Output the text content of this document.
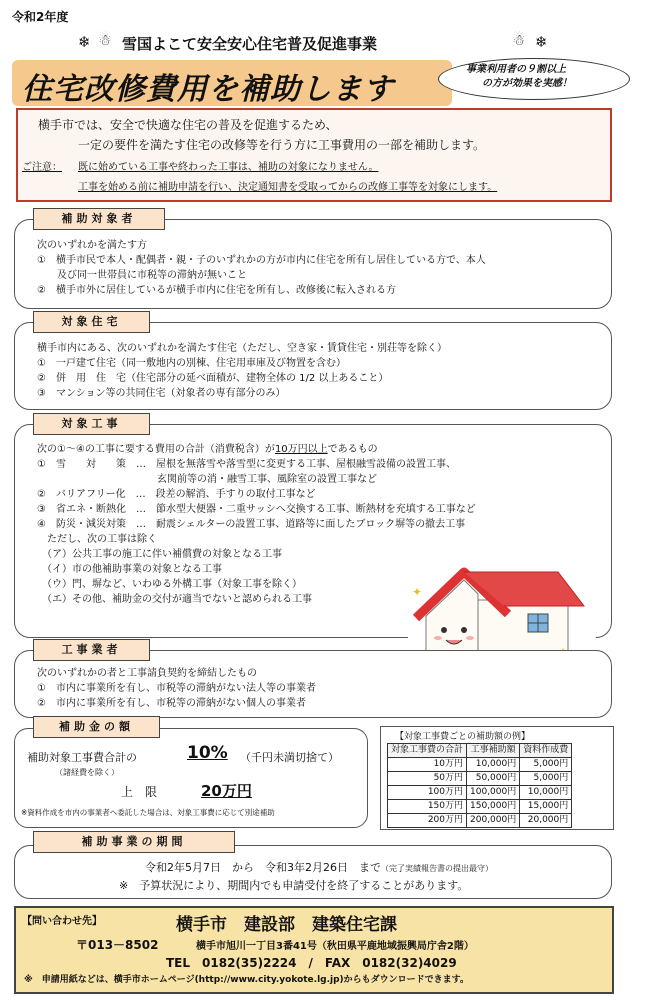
令和2年度
❄ ☃ 雪国よこて安全安心住宅普及促進事業	☃ ❄
住宅改修費用を補助します
事業利用者の９割以上
の方が効果を実感！
横手市では、安全で快適な住宅の普及を促進するため、
一定の要件を満たす住宅の改修等を行う方に工事費用の一部を補助します。
ご注意： 既に始めている工事や終わった工事は、補助の対象になりません。
工事を始める前に補助申請を行い、決定通知書を受取ってからの改修工事等を対象にします。
次のいずれかを満たす方
①　横手市民で本人・配偶者・親・子のいずれかの方が市内に住宅を所有し居住している方で、本人
　　及び同一世帯員に市税等の滞納が無いこと
②　横手市外に居住しているが横手市内に住宅を所有し、改修後に転入される方
補助対象者
横手市内にある、次のいずれかを満たす住宅（ただし、空き家・賃貸住宅・別荘等を除く）
①　一戸建て住宅（同一敷地内の別棟、住宅用車庫及び物置を含む）
②　併　用　住　宅（住宅部分の延べ面積が、建物全体の 1/2 以上あること）
③　マンション等の共同住宅（対象者の専有部分のみ）
対象住宅
次の①～④の工事に要する費用の合計（消費税含）が10万円以上であるもの
①　雪　　対　　策　…　屋根を無落雪や落雪型に変更する工事、屋根融雪設備の設置工事、
　　　　　　　　　　　　玄関前等の消・融雪工事、風除室の設置工事など
②　バリアフリー化　…　段差の解消、手すりの取付工事など
③　省エネ・断熱化　…　節水型大便器・二重サッシへ交換する工事、断熱材を充填する工事など
④　防災・減災対策　…　耐震シェルターの設置工事、道路等に面したブロック塀等の撤去工事
　ただし、次の工事は除く
　（ア）公共工事の施工に伴い補償費の対象となる工事
　（イ）市の他補助事業の対象となる工事
　（ウ）門、塀など、いわゆる外構工事（対象工事を除く）
　（エ）その他、補助金の交付が適当でないと認められる工事
対象工事
✦
次のいずれかの者と工事請負契約を締結したもの
①　市内に事業所を有し、市税等の滞納がない法人等の事業者
②　市内に事業所を有し、市税等の滞納がない個人の事業者
工事業者
補助対象工事費合計の	10% （千円未満切捨て）
（諸経費を除く）
上　限	20万円
※資料作成を市内の事業者へ委託した場合は、対象工事費に応じて別途補助
補助金の額
【対象工事費ごとの補助額の例】
対象工事費の合計	工事補助額	資料作成費
10万円	10,000円	5,000円
50万円	50,000円	5,000円
100万円	100,000円	10,000円
150万円	150,000円	15,000円
200万円	200,000円	20,000円
令和2年5月7日　から　令和3年2月26日　まで（完了実績報告書の提出最守）
※　予算状況により、期間内でも申請受付を終了することがあります。
補助事業の期間
【問い合わせ先】	横手市　建設部　建築住宅課
〒013－8502	横手市旭川一丁目3番41号（秋田県平鹿地域振興局庁舎2階）
TEL　0182(35)2224　/　FAX　0182(32)4029
※　申請用紙などは、横手市ホームページ(http://www.city.yokote.lg.jp)からもダウンロードできます。
